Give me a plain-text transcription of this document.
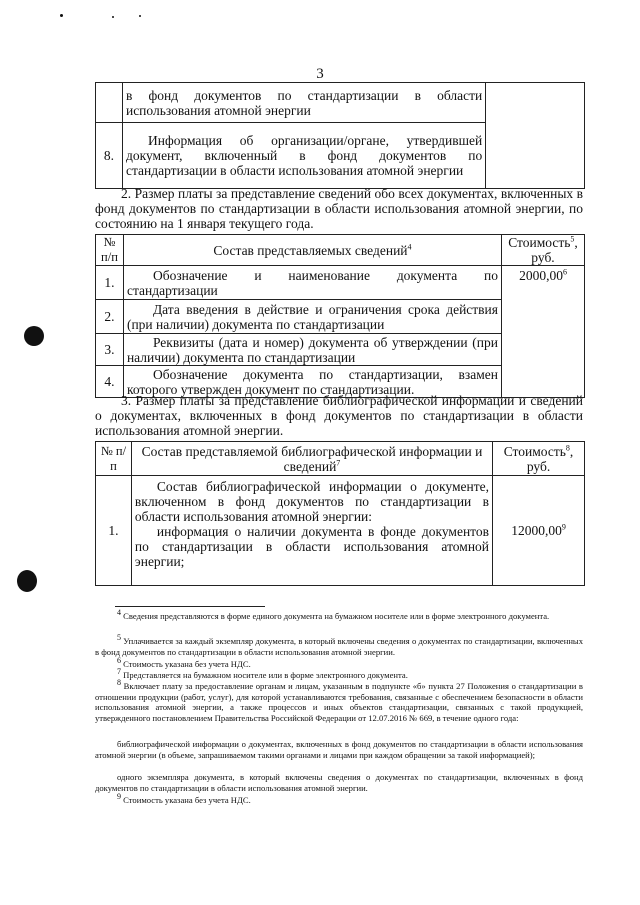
3
	в фонд документов по стандартизации в области использования атомной энергии	
8.	Информация об организации/органе, утвердившей документ, включенный в фонд документов по стандартизации в области использования атомной энергии	

2. Размер платы за представление сведений обо всех документах, включенных в фонд документов по стандартизации в области использования атомной энергии, по состоянию на 1 января текущего года.

№ п/п	Состав представляемых сведений$^4$	Стоимость$^5$, руб.
1.	Обозначение и наименование документа по стандартизации	2000,00$^6$
2.	Дата введения в действие и ограничения срока действия (при наличии) документа по стандартизации	
3.	Реквизиты (дата и номер) документа об утверждении (при наличии) документа по стандартизации	
4.	Обозначение документа по стандартизации, взамен которого утвержден документ по стандартизации.	

3. Размер платы за представление библиографической информации и сведений о документах, включенных в фонд документов по стандартизации в области использования атомной энергии.

№ п/п	Состав представляемой библиографической информации и сведений$^7$	Стоимость$^8$, руб.
1.	Состав библиографической информации о документе, включенном в фонд документов по стандартизации в области использования атомной энергии:
информация о наличии документа в фонде документов по стандартизации в области использования атомной энергии;	12000,00$^9$
$^4$ Сведения представляются в форме единого документа на бумажном носителе или в форме электронного документа.
$^5$ Уплачивается за каждый экземпляр документа, в который включены сведения о документах по стандартизации, включенных в фонд документов по стандартизации в области использования атомной энергии.
$^6$ Стоимость указана без учета НДС.
$^7$ Представляется на бумажном носителе или в форме электронного документа.
$^8$ Включает плату за предоставление органам и лицам, указанным в подпункте «б» пункта 27 Положения о стандартизации в отношении продукции (работ, услуг), для которой устанавливаются требования, связанные с обеспечением безопасности в области использования атомной энергии, а также процессов и иных объектов стандартизации, связанных с такой продукцией, утвержденного постановлением Правительства Российской Федерации от 12.07.2016 № 669, в течение одного года:
библиографической информации о документах, включенных в фонд документов по стандартизации в области использования атомной энергии (в объеме, запрашиваемом такими органами и лицами при каждом обращении за такой информацией);
одного экземпляра документа, в который включены сведения о документах по стандартизации, включенных в фонд документов по стандартизации в области использования атомной энергии.
$^9$ Стоимость указана без учета НДС.
